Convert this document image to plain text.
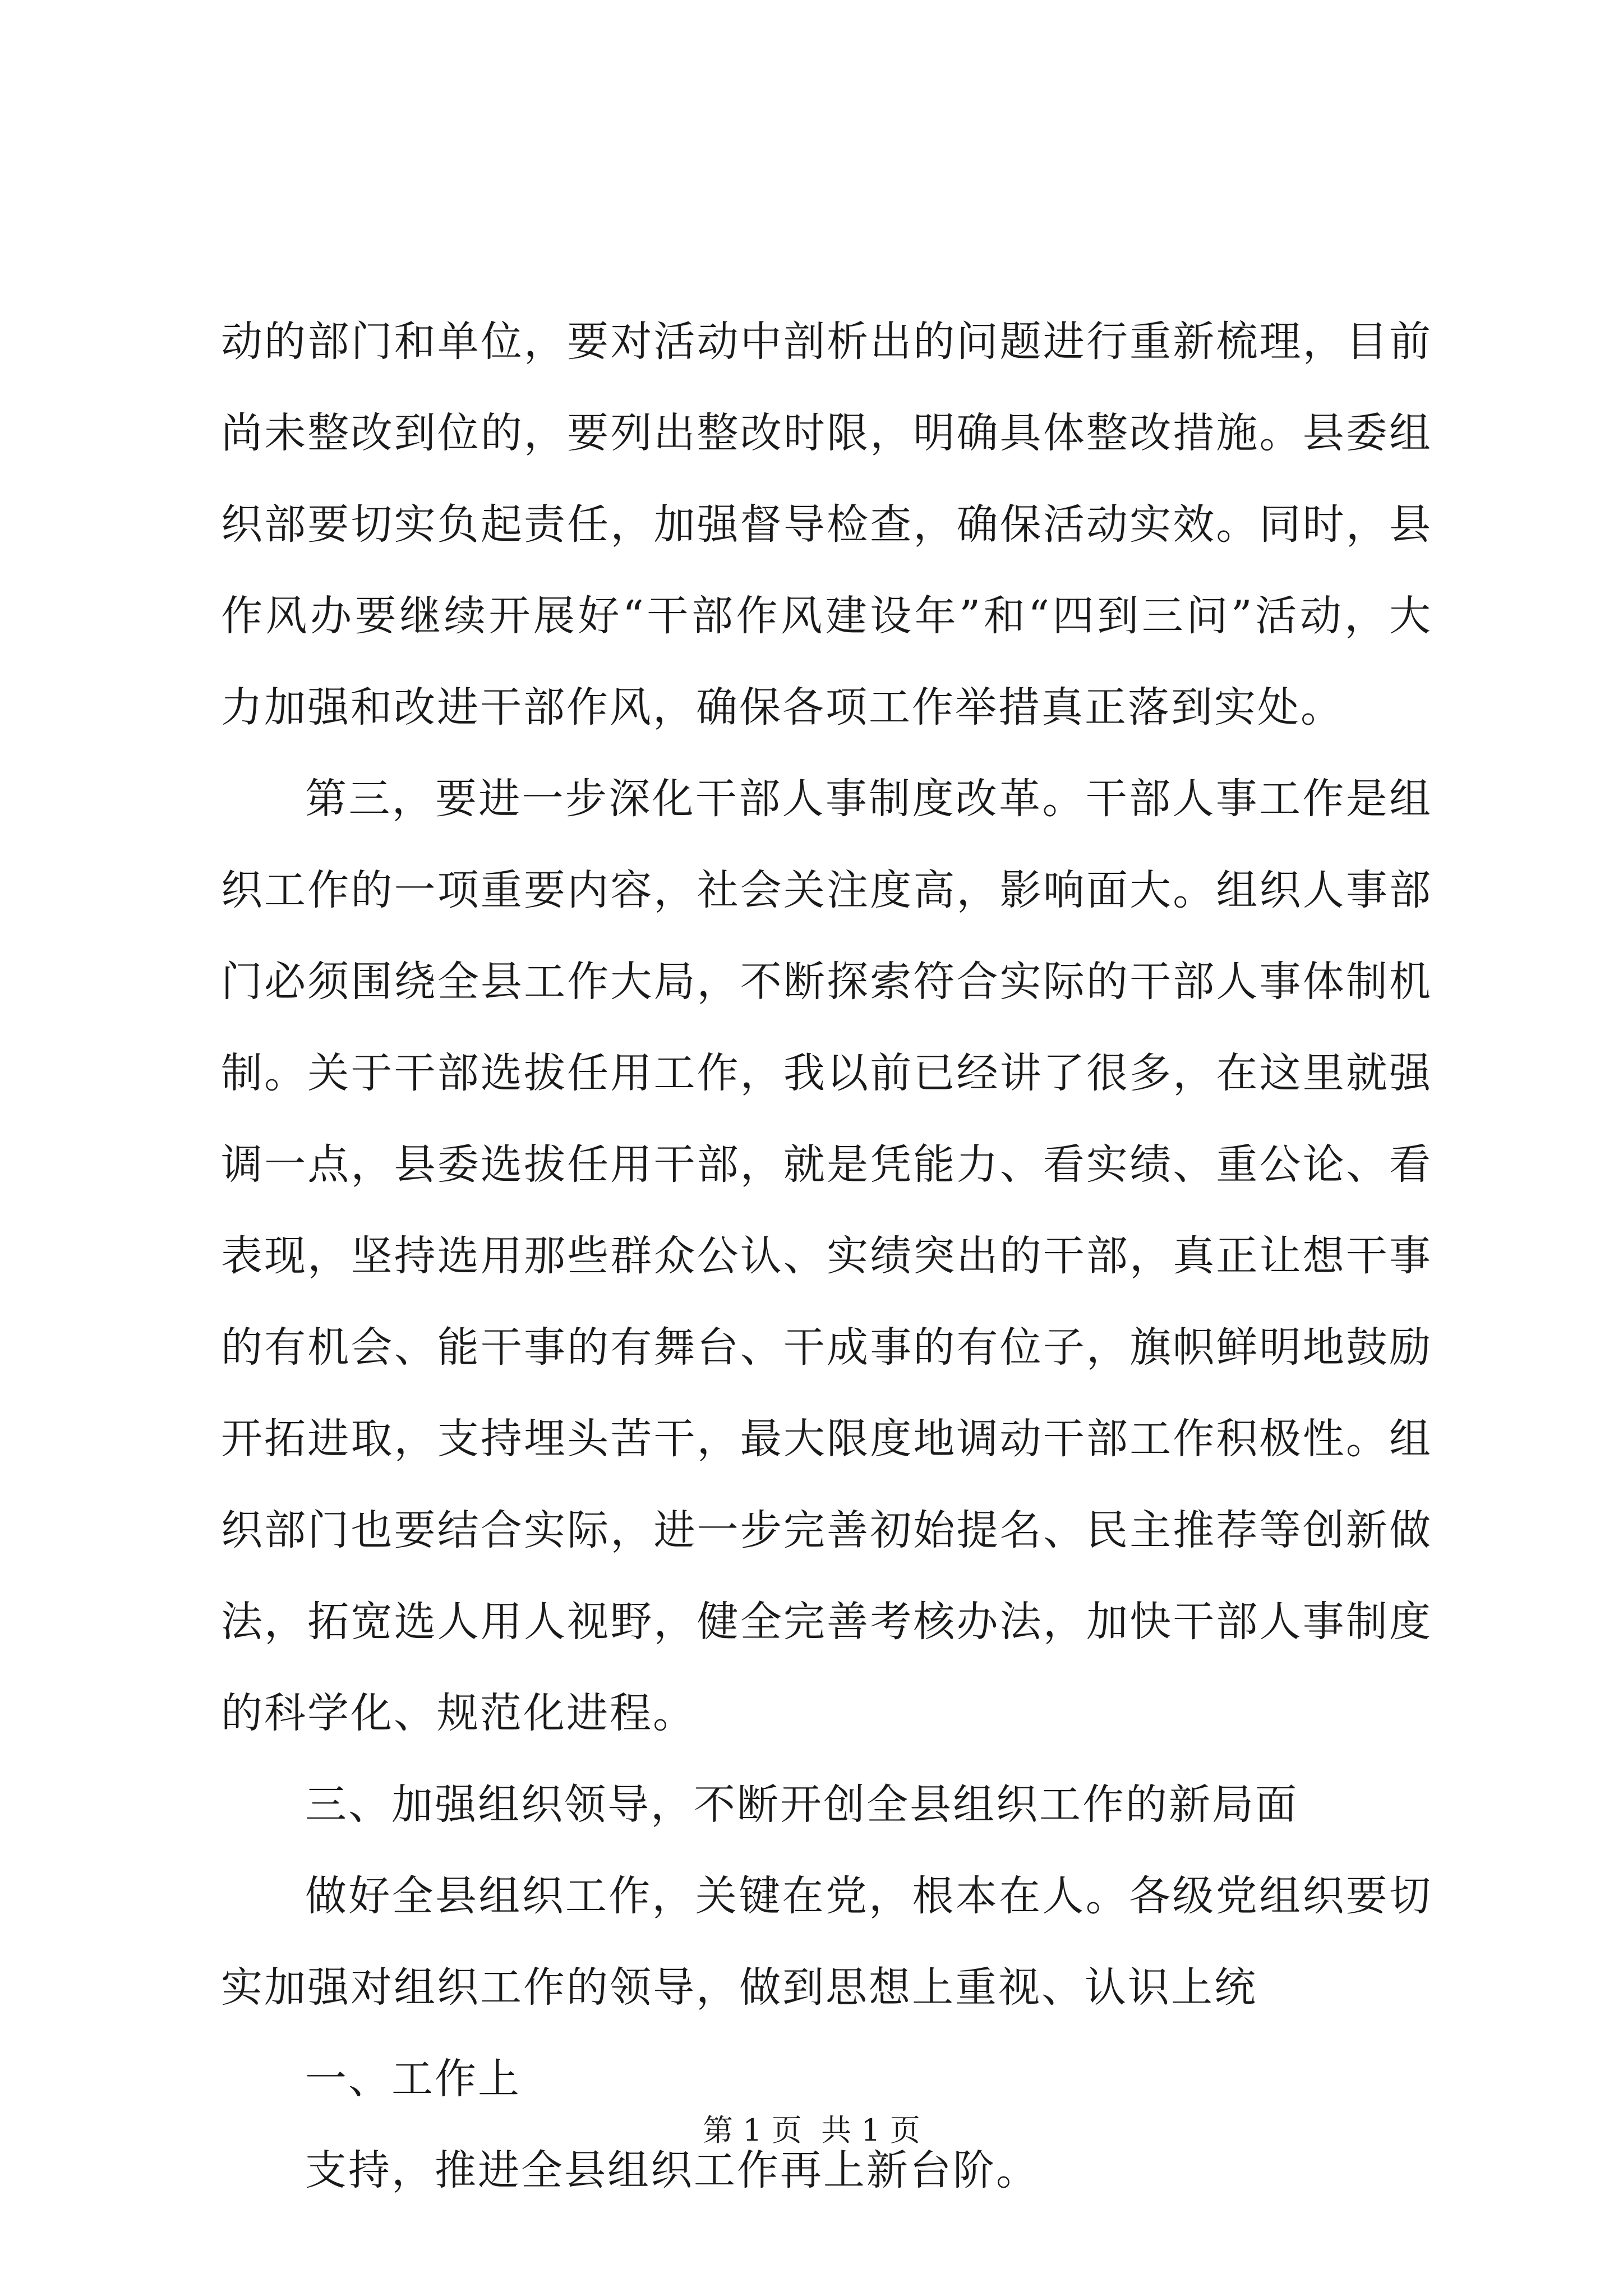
动的部门和单位，要对活动中剖析出的问题进行重新梳理，目前尚未整改到位的，要列出整改时限，明确具体整改措施。县委组织部要切实负起责任，加强督导检查，确保活动实效。同时，县作风办要继续开展好“干部作风建设年”和“四到三问”活动，大力加强和改进干部作风，确保各项工作举措真正落到实处。

第三，要进一步深化干部人事制度改革。干部人事工作是组织工作的一项重要内容，社会关注度高，影响面大。组织人事部门必须围绕全县工作大局，不断探索符合实际的干部人事体制机制。关于干部选拔任用工作，我以前已经讲了很多，在这里就强调一点，县委选拔任用干部，就是凭能力、看实绩、重公论、看表现，坚持选用那些群众公认、实绩突出的干部，真正让想干事的有机会、能干事的有舞台、干成事的有位子，旗帜鲜明地鼓励开拓进取，支持埋头苦干，最大限度地调动干部工作积极性。组织部门也要结合实际，进一步完善初始提名、民主推荐等创新做法，拓宽选人用人视野，健全完善考核办法，加快干部人事制度的科学化、规范化进程。

三、加强组织领导，不断开创全县组织工作的新局面

做好全县组织工作，关键在党，根本在人。各级党组织要切实加强对组织工作的领导，做到思想上重视、认识上统

一、工作上

支持，推进全县组织工作再上新台阶。

第 1 页  共 1 页
